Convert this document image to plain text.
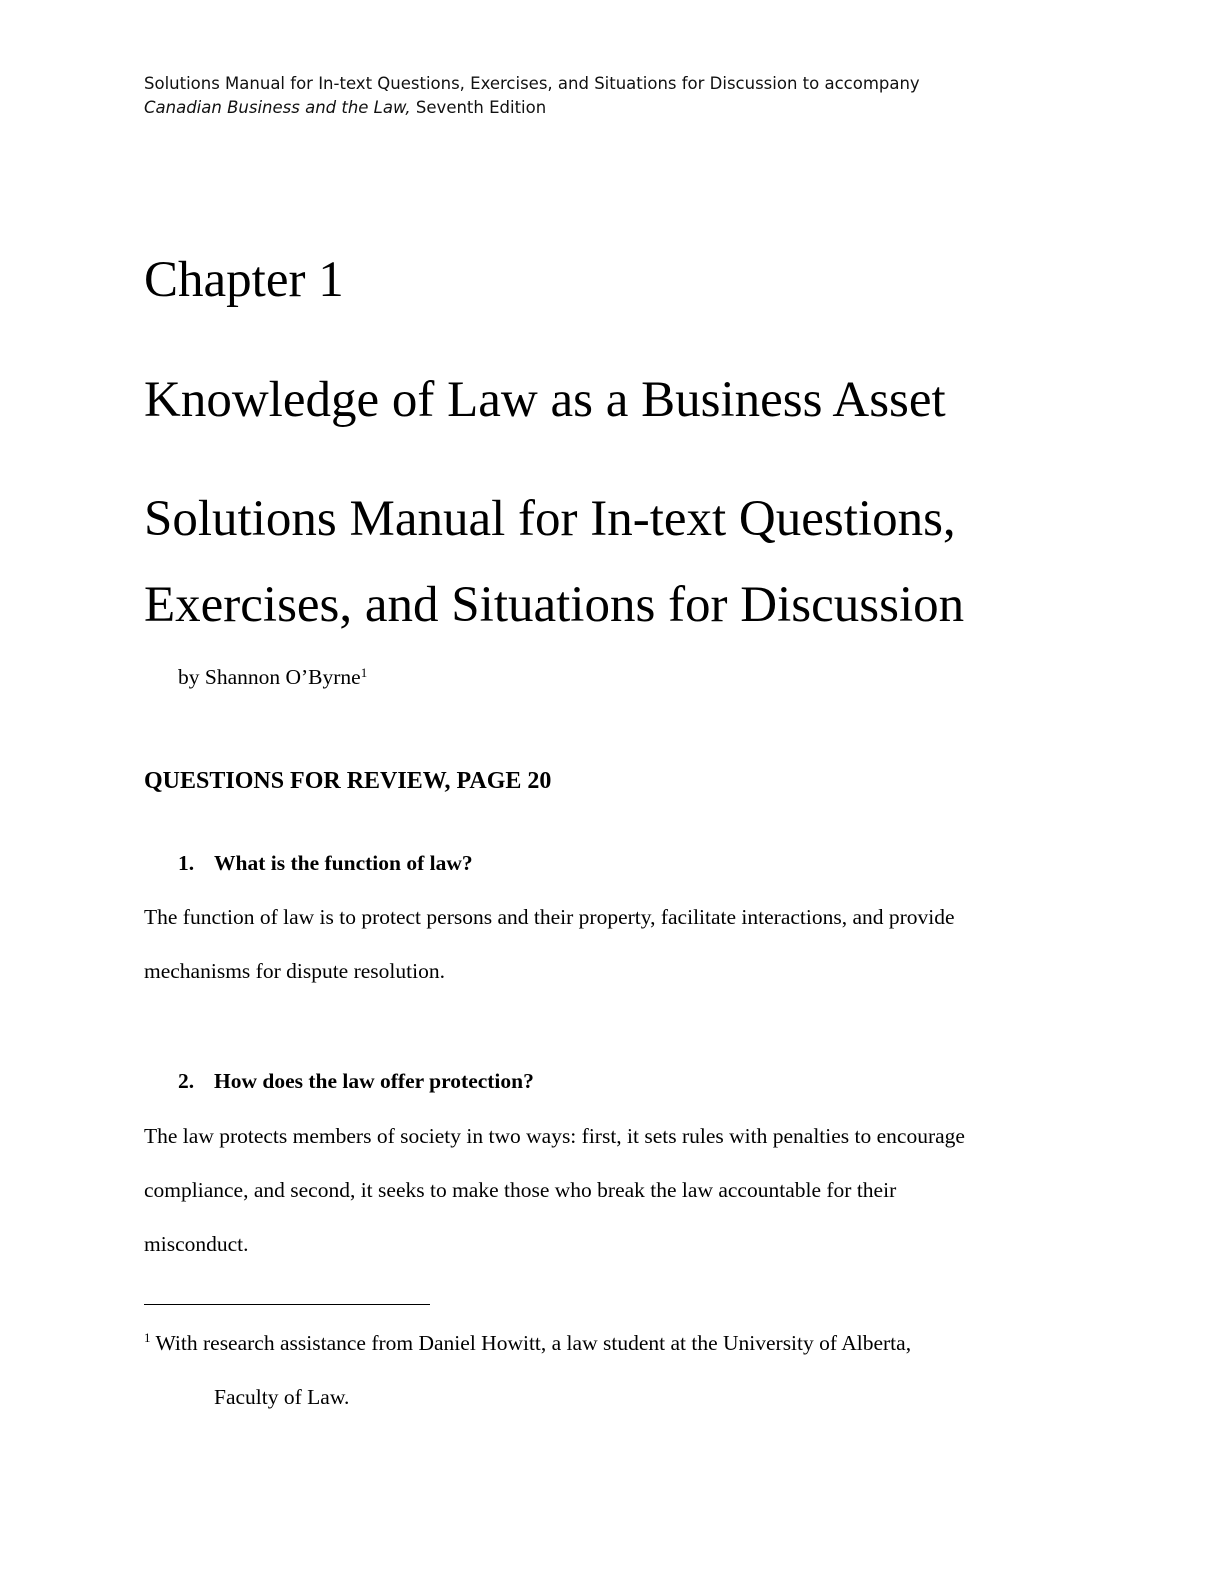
Solutions Manual for In-text Questions, Exercises, and Situations for Discussion to accompany
Canadian Business and the Law, Seventh Edition
Chapter 1
Knowledge of Law as a Business Asset
Solutions Manual for In-text Questions,
Exercises, and Situations for Discussion
by Shannon O’Byrne$^1$
QUESTIONS FOR REVIEW, PAGE 20
1. What is the function of law?
The function of law is to protect persons and their property, facilitate interactions, and provide
mechanisms for dispute resolution.
2. How does the law offer protection?
The law protects members of society in two ways: first, it sets rules with penalties to encourage
compliance, and second, it seeks to make those who break the law accountable for their
misconduct.
$^1$ With research assistance from Daniel Howitt, a law student at the University of Alberta,
Faculty of Law.
